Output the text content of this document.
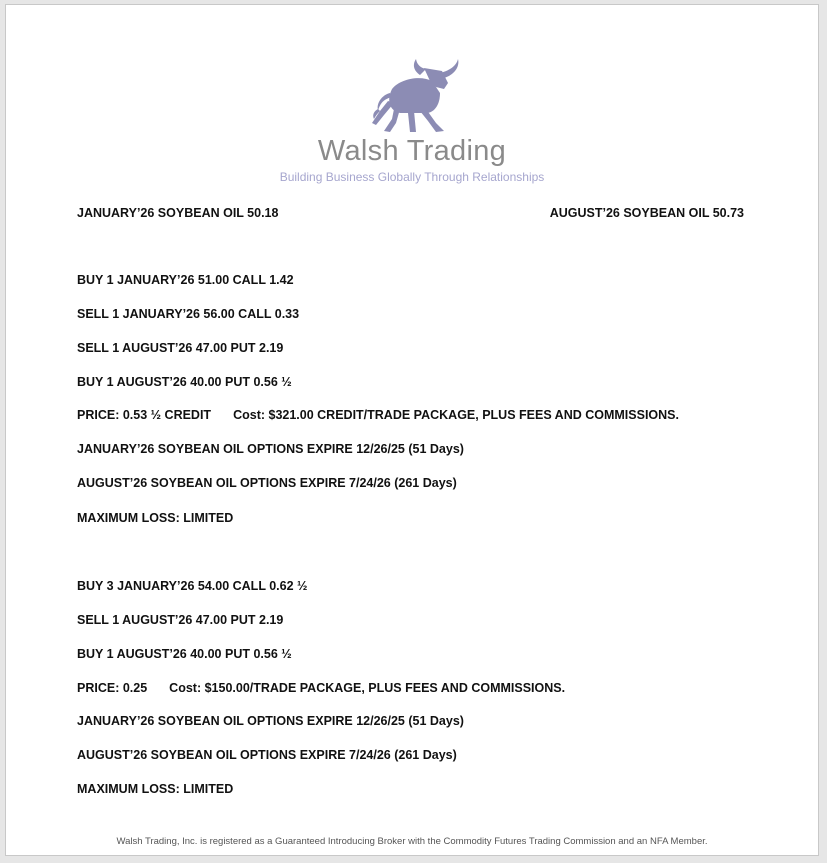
Walsh Trading
Building Business Globally Through Relationships
JANUARY’26 SOYBEAN OIL 50.18	AUGUST’26 SOYBEAN OIL 50.73
BUY 1 JANUARY’26 51.00 CALL 1.42
SELL 1 JANUARY’26 56.00 CALL 0.33
SELL 1 AUGUST’26 47.00 PUT 2.19
BUY 1 AUGUST’26 40.00 PUT 0.56 ½
PRICE: 0.53 ½ CREDIT Cost: $321.00 CREDIT/TRADE PACKAGE, PLUS FEES AND COMMISSIONS.
JANUARY’26 SOYBEAN OIL OPTIONS EXPIRE 12/26/25 (51 Days)
AUGUST’26 SOYBEAN OIL OPTIONS EXPIRE 7/24/26 (261 Days)
MAXIMUM LOSS: LIMITED
BUY 3 JANUARY’26 54.00 CALL 0.62 ½
SELL 1 AUGUST’26 47.00 PUT 2.19
BUY 1 AUGUST’26 40.00 PUT 0.56 ½
PRICE: 0.25 Cost: $150.00/TRADE PACKAGE, PLUS FEES AND COMMISSIONS.
JANUARY’26 SOYBEAN OIL OPTIONS EXPIRE 12/26/25 (51 Days)
AUGUST’26 SOYBEAN OIL OPTIONS EXPIRE 7/24/26 (261 Days)
MAXIMUM LOSS: LIMITED
Walsh Trading, Inc. is registered as a Guaranteed Introducing Broker with the Commodity Futures Trading Commission and an NFA Member.
